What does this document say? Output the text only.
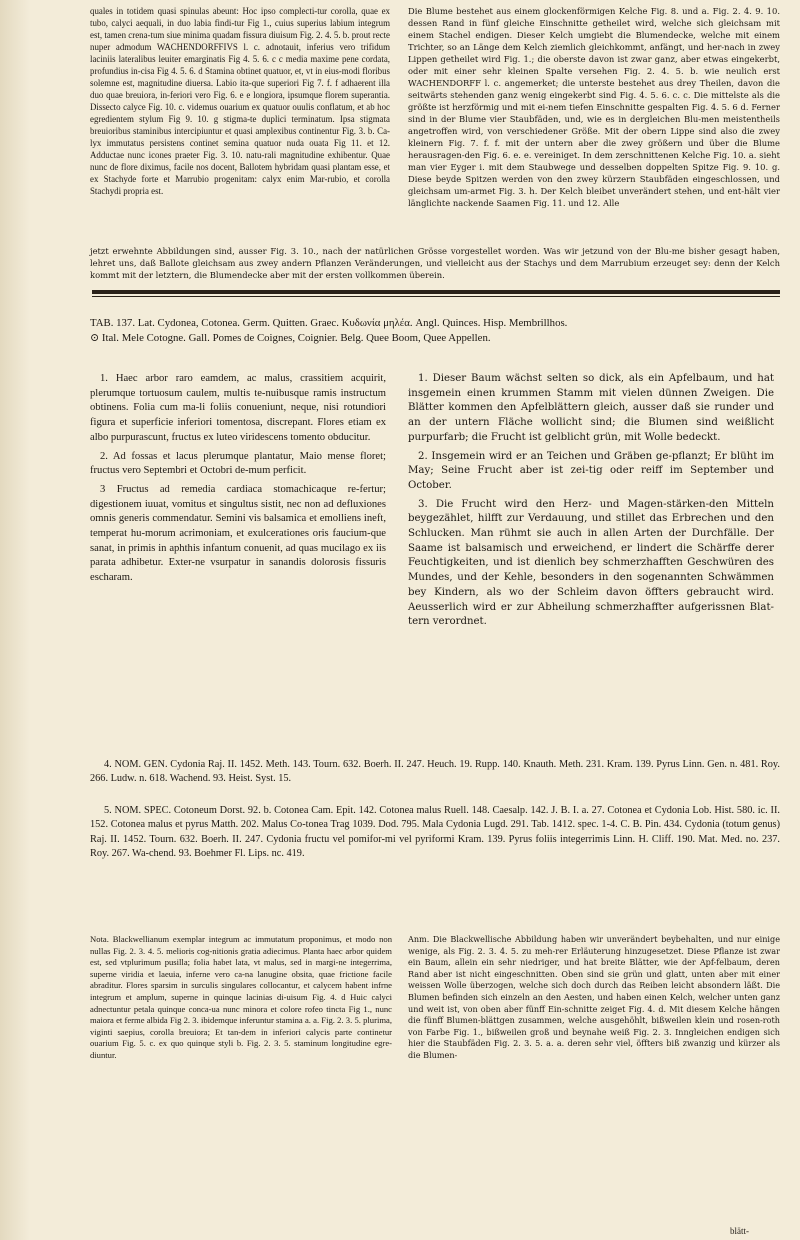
quales in totidem quasi spinulas abeunt: Hoc ipso complecti-tur corolla, quae ex tubo, calyci aequali, in duo labia findi-tur Fig 1., cuius superius labium integrum est, tamen crena-tum siue minima quadam fissura diuisum Fig. 2. 4. 5. b. prout recte nuper admodum WACHENDORFFIVS l. c. adnotauit, inferius vero trifidum laciniis lateralibus leuiter emarginatis Fig 4. 5. 6. c c media maxime pene cordata, profundius in-cisa Fig 4. 5. 6. d Stamina obtinet quatuor, et, vt in eius-modi floribus solemne est, magnitudine diuersa. Labio ita-que superiori Fig 7. f. f adhaerent illa duo quae breuiora, in-feriori vero Fig. 6. e e longiora, ipsumque florem superantia. Dissecto calyce Fig. 10. c. videmus ouarium ex quatuor ouulis conflatum, et ab hoc egredientem stylum Fig 9. 10. g stigma-te duplici terminatum. Ipsa stigmata breuioribus staminibus intercipiuntur et quasi amplexibus continentur Fig. 3. b. Ca-lyx immutatus persistens continet semina quatuor nuda ouata Fig 11. et 12. Adductae nunc icones praeter Fig. 3. 10. natu-rali magnitudine exhibentur. Quae nunc de flore diximus, facile nos docent, Ballotem hybridam quasi plantam esse, et ex Stachyde forte et Marrubio progenitam: calyx enim Mar-rubio, et corolla Stachydi propria est.

Die Blume bestehet aus einem glockenförmigen Kelche Fig. 8. und a. Fig. 2. 4. 9. 10. dessen Rand in fünf gleiche Einschnitte getheilet wird, welche sich gleichsam mit einem Stachel endigen. Dieser Kelch umgiebt die Blumendecke, welche mit einem Trichter, so an Länge dem Kelch ziemlich gleichkommt, anfängt, und her-nach in zwey Lippen getheilet wird Fig. 1.; die oberste davon ist zwar ganz, aber etwas eingekerbt, oder mit einer sehr kleinen Spalte versehen Fig. 2. 4. 5. b. wie neulich erst WACHENDORFF l. c. angemerket; die unterste bestehet aus drey Theilen, davon die seitwärts stehenden ganz wenig eingekerbt sind Fig. 4. 5. 6. c. c. Die mittelste als die größte ist herzförmig und mit ei-nem tiefen Einschnitte gespalten Fig. 4. 5. 6 d. Ferner sind in der Blume vier Staubfäden, und, wie es in dergleichen Blu-men meistentheils angetroffen wird, von verschiedener Größe. Mit der obern Lippe sind also die zwey kleinern Fig. 7. f. f. mit der untern aber die zwey größern und über die Blume herausragen-den Fig. 6. e. e. vereiniget. In dem zerschnittenen Kelche Fig. 10. a. sieht man vier Eyger i. mit dem Staubwege und desselben doppelten Spitze Fig. 9. 10. g. Diese beyde Spitzen werden von den zwey kürzern Staubfäden eingeschlossen, und gleichsam um-armet Fig. 3. h. Der Kelch bleibet unverändert stehen, und ent-hält vier länglichte nackende Saamen Fig. 11. und 12. Alle

jetzt erwehnte Abbildungen sind, ausser Fig. 3. 10., nach der natürlichen Grösse vorgestellet worden. Was wir jetzund von der Blu-me bisher gesagt haben, lehret uns, daß Ballote gleichsam aus zwey andern Pflanzen Veränderungen, und vielleicht aus der Stachys und dem Marrubium erzeuget sey: denn der Kelch kommt mit der letztern, die Blumendecke aber mit der ersten vollkommen überein.

TAB. 137. Lat. Cydonea, Cotonea. Germ. Quitten. Graec. Κυδωνία μηλέα. Angl. Quinces. Hisp. Membrillhos.

⊙ Ital. Mele Cotogne. Gall. Pomes de Coignes, Coignier. Belg. Quee Boom, Quee Appellen.

1. Haec arbor raro eamdem, ac malus, crassitiem acquirit, plerumque tortuosum caulem, multis te-nuibusque ramis instructum obtinens. Folia cum ma-li foliis conueniunt, neque, nisi rotundiori figura et superficie inferiori tomentosa, discrepant. Flores etiam ex albo purpurascunt, fructus ex luteo viridescens tomento obducitur.

2. Ad fossas et lacus plerumque plantatur, Maio mense floret; fructus vero Septembri et Octobri de-mum perficit.

3 Fructus ad remedia cardiaca stomachicaque re-fertur; digestionem iuuat, vomitus et singultus sistit, nec non ad defluxiones omnis generis commendatur. Semini vis balsamica et emolliens ineft, temperat hu-morum acrimoniam, et exulcerationes oris faucium-que sanat, in primis in aphthis infantum conuenit, ad quas mucilago ex iis parata adhibetur. Exter-ne vsurpatur in sanandis dolorosis fissuris escharam.

1. Dieser Baum wächst selten so dick, als ein Apfelbaum, und hat insgemein einen krummen Stamm mit vielen dünnen Zweigen. Die Blätter kommen den Apfelblättern gleich, ausser daß sie runder und an der untern Fläche wollicht sind; die Blumen sind weißlicht purpurfarb; die Frucht ist gelblicht grün, mit Wolle bedeckt.

2. Insgemein wird er an Teichen und Gräben ge-pflanzt; Er blüht im May; Seine Frucht aber ist zei-tig oder reiff im September und October.

3. Die Frucht wird den Herz- und Magen-stärken-den Mitteln beygezählet, hilfft zur Verdauung, und stillet das Erbrechen und den Schlucken. Man rühmt sie auch in allen Arten der Durchfälle. Der Saame ist balsamisch und erweichend, er lindert die Schärffe derer Feuchtigkeiten, und ist dienlich bey schmerzhafften Geschwüren des Mundes, und der Kehle, besonders in den sogenannten Schwämmen bey Kindern, als wo der Schleim davon öffters gebraucht wird. Aeusserlich wird er zur Abheilung schmerzhaffter aufgerissnen Blat-tern verordnet.

4. NOM. GEN. Cydonia Raj. II. 1452. Meth. 143. Tourn. 632. Boerh. II. 247. Heuch. 19. Rupp. 140. Knauth. Meth. 231. Kram. 139. Pyrus Linn. Gen. n. 481. Roy. 266. Ludw. n. 618. Wachend. 93. Heist. Syst. 15.

5. NOM. SPEC. Cotoneum Dorst. 92. b. Cotonea Cam. Epit. 142. Cotonea malus Ruell. 148. Caesalp. 142. J. B. I. a. 27. Cotonea et Cydonia Lob. Hist. 580. ic. II. 152. Cotonea malus et pyrus Matth. 202. Malus Co-tonea Trag 1039. Dod. 795. Mala Cydonia Lugd. 291. Tab. 1412. spec. 1-4. C. B. Pin. 434. Cydonia (totum genus) Raj. II. 1452. Tourn. 632. Boerh. II. 247. Cydonia fructu vel pomifor-mi vel pyriformi Kram. 139. Pyrus foliis integerrimis Linn. H. Cliff. 190. Mat. Med. no. 237. Roy. 267. Wa-chend. 93. Boehmer Fl. Lips. nc. 419.

Nota. Blackwellianum exemplar integrum ac immutatum proponimus, et modo non nullas Fig. 2. 3. 4. 5. melioris cog-nitionis gratia adiecimus. Planta haec arbor quidem est, sed vtplurimum pusilla; folia habet lata, vt malus, sed in margi-ne integerrima, superne viridia et laeuia, inferne vero ca-na lanugine obsita, quae frictione facile abraditur. Flores sparsim in surculis singulares collocantur, et calycem habent infrne integrum et amplum, superne in quinque lacinias di-uisum Fig. 4. d Huic calyci adnectuntur petala quinque conca-ua nunc minora et colore rofeo tincta Fig 1., nunc maiora et ferme albida Fig 2. 3. ibidemque inferuntur stamina a. a. Fig. 2. 3. 5. plurima, viginti saepius, corolla breuiora; Et tan-dem in inferiori calycis parte continetur ouarium Fig. 5. c. ex quo quinque styli b. Fig. 2. 3. 5. staminum longitudine egre-diuntur.

Anm. Die Blackwellische Abbildung haben wir unverändert beybehalten, und nur einige wenige, als Fig. 2. 3. 4. 5. zu meh-rer Erläuterung hinzugesetzet. Diese Pflanze ist zwar ein Baum, allein ein sehr niedriger, und hat breite Blätter, wie der Apf-felbaum, deren Rand aber ist nicht eingeschnitten. Oben sind sie grün und glatt, unten aber mit einer weissen Wolle überzogen, welche sich doch durch das Reiben leicht absondern läßt. Die Blumen befinden sich einzeln an den Aesten, und haben einen Kelch, welcher unten ganz und weit ist, von oben aber fünff Ein-schnitte zeiget Fig. 4. d. Mit diesem Kelche hängen die fünff Blumen-blättgen zusammen, welche ausgehöhlt, bißweilen klein und rosen-roth von Farbe Fig. 1., bißweilen groß und beynahe weiß Fig. 2. 3. Inngleichen endigen sich hier die Staubfäden Fig. 2. 3. 5. a. a. deren sehr viel, öffters biß zwanzig und kürzer als die Blumen-

blätt-
